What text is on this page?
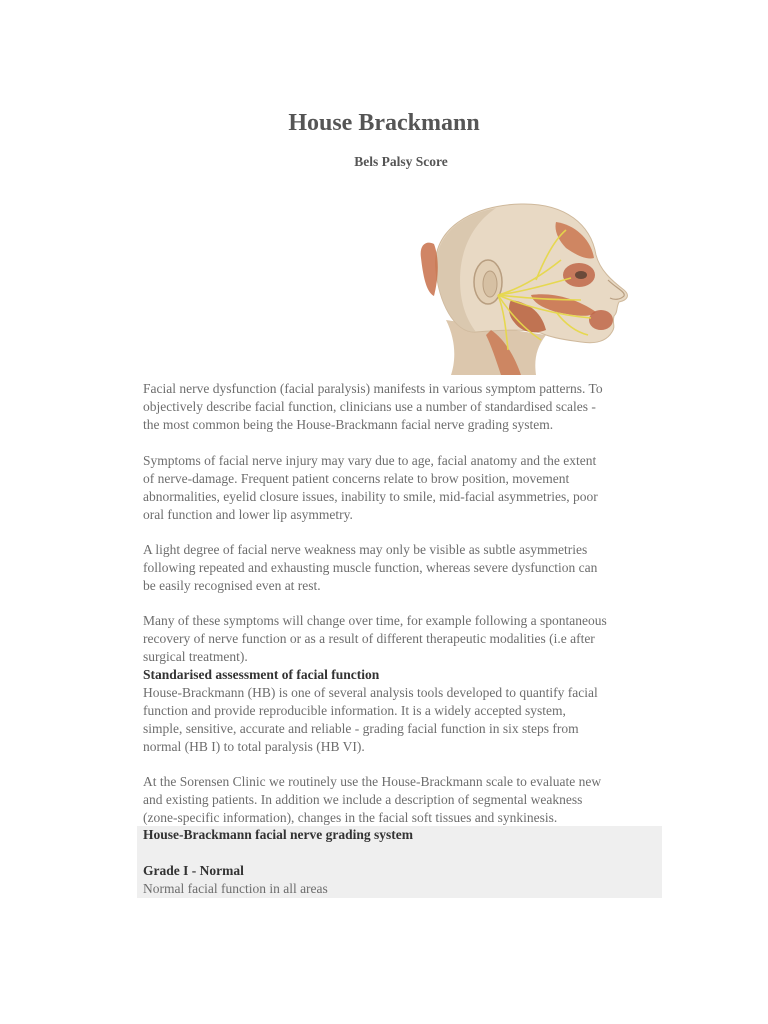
House Brackmann
Bels Palsy Score

Facial nerve dysfunction (facial paralysis) manifests in various symptom patterns. To

objectively describe facial function, clinicians use a number of standardised scales -

the most common being the House-Brackmann facial nerve grading system.

Symptoms of facial nerve injury may vary due to age, facial anatomy and the extent

of nerve-damage. Frequent patient concerns relate to brow position, movement

abnormalities, eyelid closure issues, inability to smile, mid-facial asymmetries, poor

oral function and lower lip asymmetry.

A light degree of facial nerve weakness may only be visible as subtle asymmetries

following repeated and exhausting muscle function, whereas severe dysfunction can

be easily recognised even at rest.

Many of these symptoms will change over time, for example following a spontaneous

recovery of nerve function or as a result of different therapeutic modalities (i.e after

surgical treatment).

Standarised assessment of facial function

House-Brackmann (HB) is one of several analysis tools developed to quantify facial

function and provide reproducible information. It is a widely accepted system,

simple, sensitive, accurate and reliable - grading facial function in six steps from

normal (HB I) to total paralysis (HB VI).

At the Sorensen Clinic we routinely use the House-Brackmann scale to evaluate new

and existing patients. In addition we include a description of segmental weakness

(zone-specific information), changes in the facial soft tissues and synkinesis.

House-Brackmann facial nerve grading system
Grade I - Normal
Normal facial function in all areas
